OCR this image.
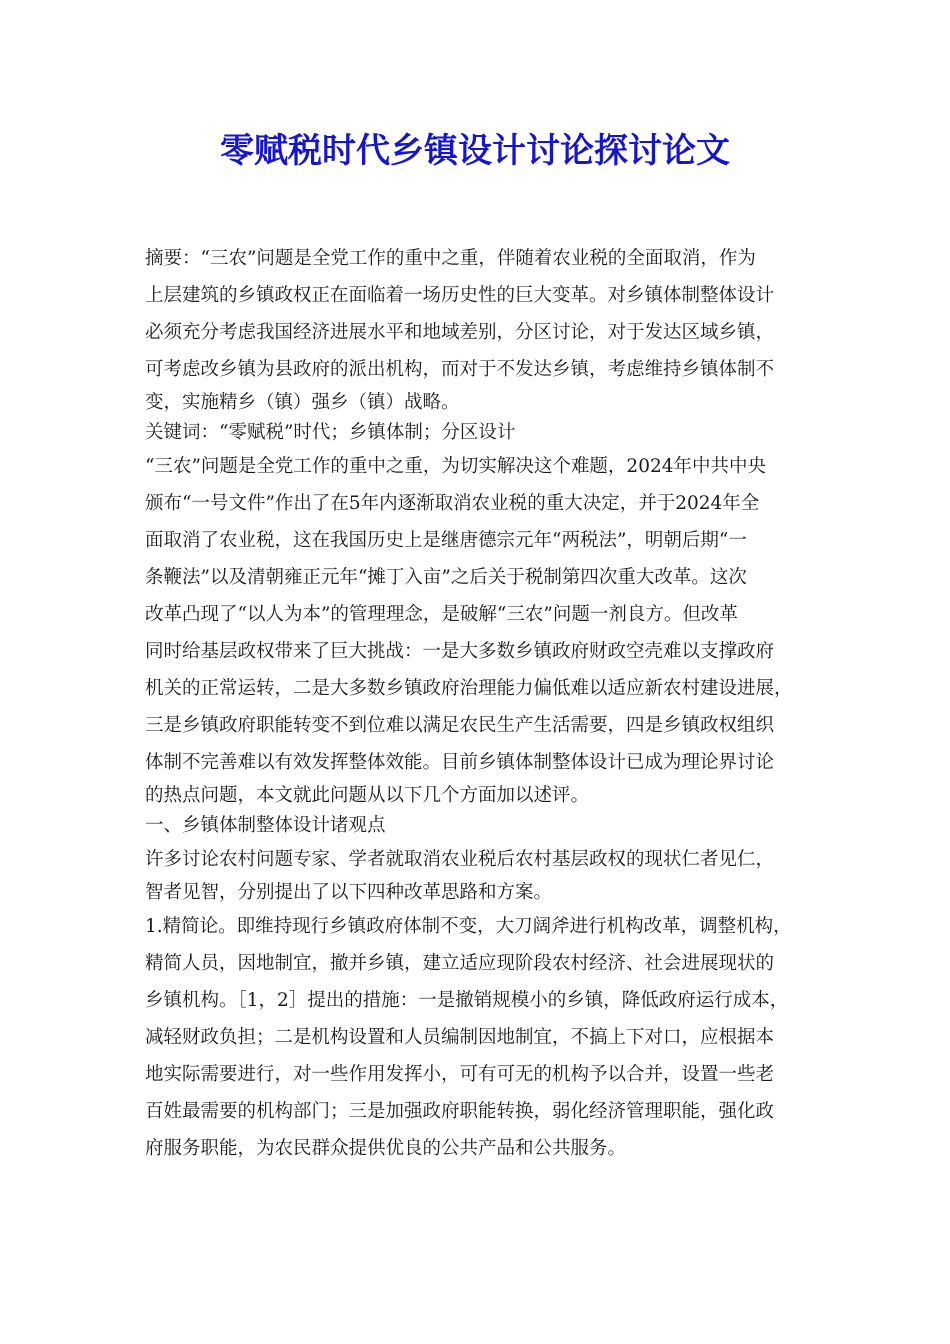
零赋税时代乡镇设计讨论探讨论文
摘要：“三农”问题是全党工作的重中之重，伴随着农业税的全面取消，作为
上层建筑的乡镇政权正在面临着一场历史性的巨大变革。对乡镇体制整体设计
必须充分考虑我国经济进展水平和地域差别，分区讨论，对于发达区域乡镇，
可考虑改乡镇为县政府的派出机构，而对于不发达乡镇，考虑维持乡镇体制不
变，实施精乡（镇）强乡（镇）战略。
关键词：“零赋税”时代；乡镇体制；分区设计
“三农”问题是全党工作的重中之重，为切实解决这个难题，2024年中共中央
颁布“一号文件”作出了在5年内逐渐取消农业税的重大决定，并于2024年全
面取消了农业税，这在我国历史上是继唐德宗元年“两税法”，明朝后期“一
条鞭法”以及清朝雍正元年“摊丁入亩”之后关于税制第四次重大改革。这次
改革凸现了“以人为本”的管理理念，是破解“三农”问题一剂良方。但改革
同时给基层政权带来了巨大挑战：一是大多数乡镇政府财政空壳难以支撑政府
机关的正常运转，二是大多数乡镇政府治理能力偏低难以适应新农村建设进展，
三是乡镇政府职能转变不到位难以满足农民生产生活需要，四是乡镇政权组织
体制不完善难以有效发挥整体效能。目前乡镇体制整体设计已成为理论界讨论
的热点问题，本文就此问题从以下几个方面加以述评。
一、乡镇体制整体设计诸观点
许多讨论农村问题专家、学者就取消农业税后农村基层政权的现状仁者见仁，
智者见智，分别提出了以下四种改革思路和方案。
1.精简论。即维持现行乡镇政府体制不变，大刀阔斧进行机构改革，调整机构，
精简人员，因地制宜，撤并乡镇，建立适应现阶段农村经济、社会进展现状的
乡镇机构。［1，2］提出的措施：一是撤销规模小的乡镇，降低政府运行成本，
减轻财政负担；二是机构设置和人员编制因地制宜，不搞上下对口，应根据本
地实际需要进行，对一些作用发挥小，可有可无的机构予以合并，设置一些老
百姓最需要的机构部门；三是加强政府职能转换，弱化经济管理职能，强化政
府服务职能，为农民群众提供优良的公共产品和公共服务。
